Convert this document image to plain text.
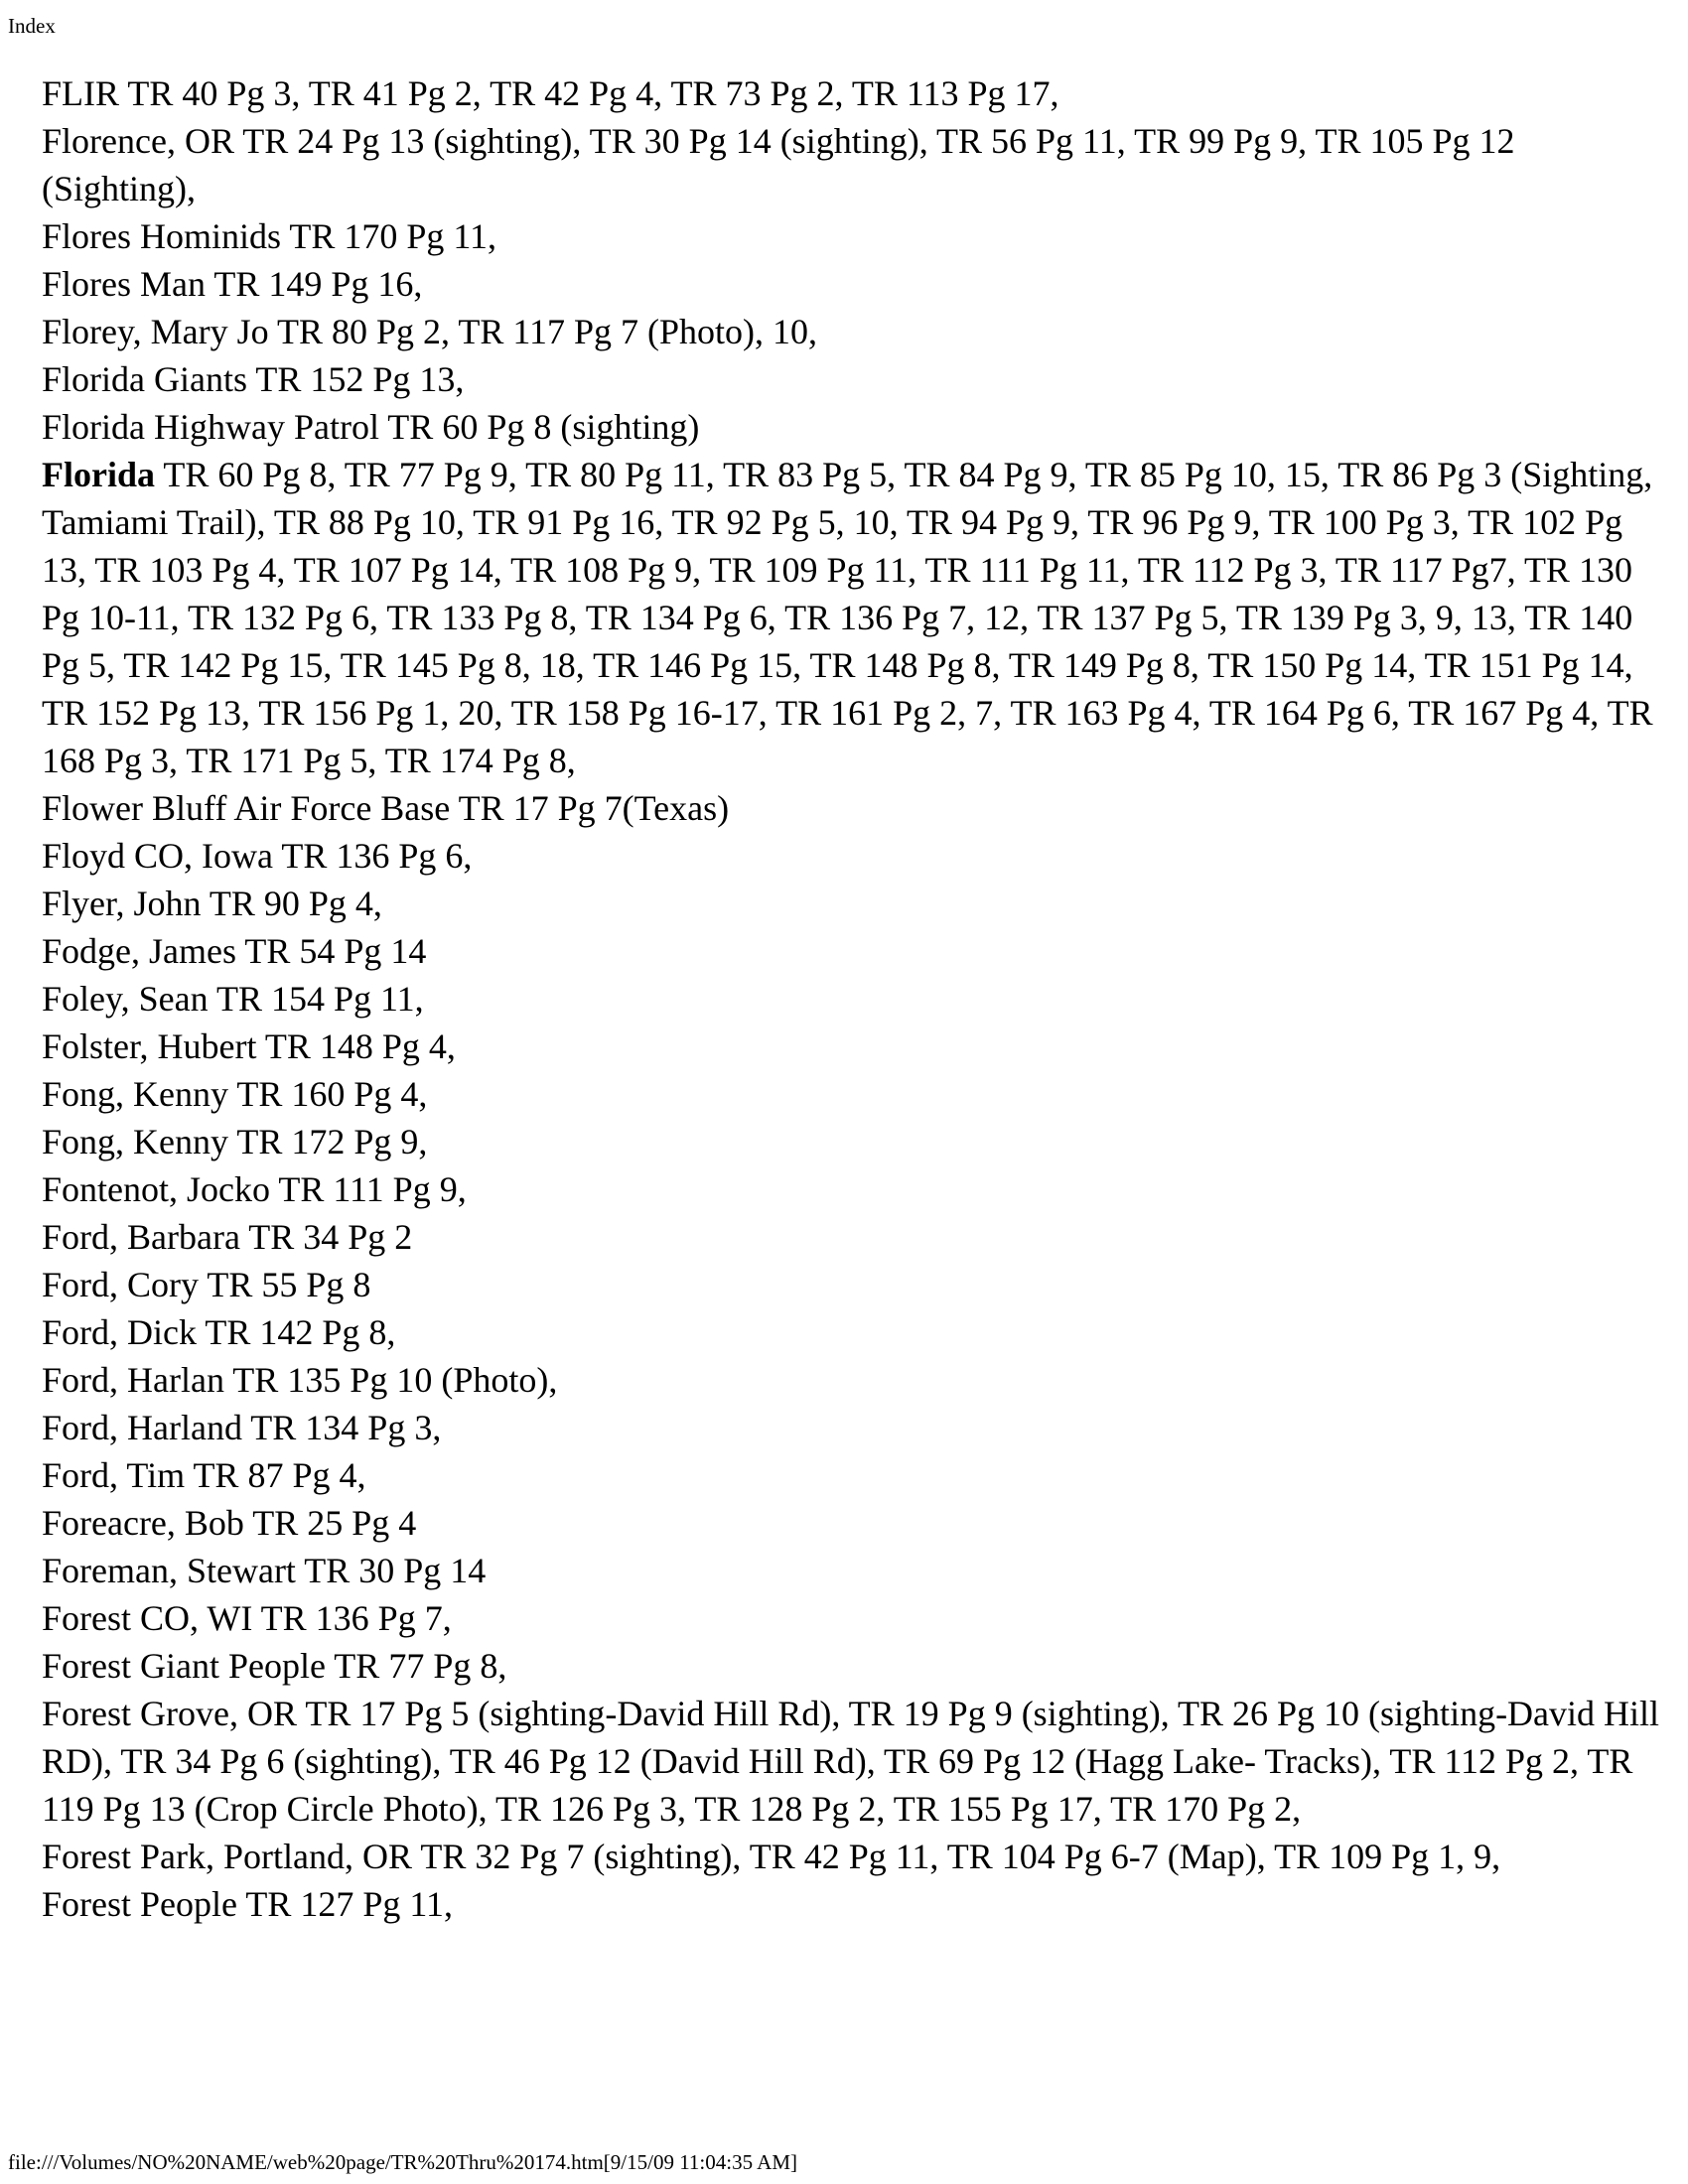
Index
FLIR TR 40 Pg 3, TR 41 Pg 2, TR 42 Pg 4, TR 73 Pg 2, TR 113 Pg 17,
Florence, OR TR 24 Pg 13 (sighting), TR 30 Pg 14 (sighting), TR 56 Pg 11, TR 99 Pg 9, TR 105 Pg 12 (Sighting),
Flores Hominids TR 170 Pg 11,
Flores Man TR 149 Pg 16,
Florey, Mary Jo TR 80 Pg 2, TR 117 Pg 7 (Photo), 10,
Florida Giants TR 152 Pg 13,
Florida Highway Patrol TR 60 Pg 8 (sighting)
Florida TR 60 Pg 8, TR 77 Pg 9, TR 80 Pg 11, TR 83 Pg 5, TR 84 Pg 9, TR 85 Pg 10, 15, TR 86 Pg 3 (Sighting, Tamiami Trail), TR 88 Pg 10, TR 91 Pg 16, TR 92 Pg 5, 10, TR 94 Pg 9, TR 96 Pg 9, TR 100 Pg 3, TR 102 Pg 13, TR 103 Pg 4, TR 107 Pg 14, TR 108 Pg 9, TR 109 Pg 11, TR 111 Pg 11, TR 112 Pg 3, TR 117 Pg7, TR 130 Pg 10-11, TR 132 Pg 6, TR 133 Pg 8, TR 134 Pg 6, TR 136 Pg 7, 12, TR 137 Pg 5, TR 139 Pg 3, 9, 13, TR 140 Pg 5, TR 142 Pg 15, TR 145 Pg 8, 18, TR 146 Pg 15, TR 148 Pg 8, TR 149 Pg 8, TR 150 Pg 14, TR 151 Pg 14, TR 152 Pg 13, TR 156 Pg 1, 20, TR 158 Pg 16-17, TR 161 Pg 2, 7, TR 163 Pg 4, TR 164 Pg 6, TR 167 Pg 4, TR 168 Pg 3, TR 171 Pg 5, TR 174 Pg 8,
Flower Bluff Air Force Base TR 17 Pg 7(Texas)
Floyd CO, Iowa TR 136 Pg 6,
Flyer, John TR 90 Pg 4,
Fodge, James TR 54 Pg 14
Foley, Sean TR 154 Pg 11,
Folster, Hubert TR 148 Pg 4,
Fong, Kenny TR 160 Pg 4,
Fong, Kenny TR 172 Pg 9,
Fontenot, Jocko TR 111 Pg 9,
Ford, Barbara TR 34 Pg 2
Ford, Cory TR 55 Pg 8
Ford, Dick TR 142 Pg 8,
Ford, Harlan TR 135 Pg 10 (Photo),
Ford, Harland TR 134 Pg 3,
Ford, Tim TR 87 Pg 4,
Foreacre, Bob TR 25 Pg 4
Foreman, Stewart TR 30 Pg 14
Forest CO, WI TR 136 Pg 7,
Forest Giant People TR 77 Pg 8,
Forest Grove, OR TR 17 Pg 5 (sighting-David Hill Rd), TR 19 Pg 9 (sighting), TR 26 Pg 10 (sighting-David Hill RD), TR 34 Pg 6 (sighting), TR 46 Pg 12 (David Hill Rd), TR 69 Pg 12 (Hagg Lake- Tracks), TR 112 Pg 2, TR 119 Pg 13 (Crop Circle Photo), TR 126 Pg 3, TR 128 Pg 2, TR 155 Pg 17, TR 170 Pg 2,
Forest Park, Portland, OR TR 32 Pg 7 (sighting), TR 42 Pg 11, TR 104 Pg 6-7 (Map), TR 109 Pg 1, 9,
Forest People TR 127 Pg 11,
file:///Volumes/NO%20NAME/web%20page/TR%20Thru%20174.htm[9/15/09 11:04:35 AM]
